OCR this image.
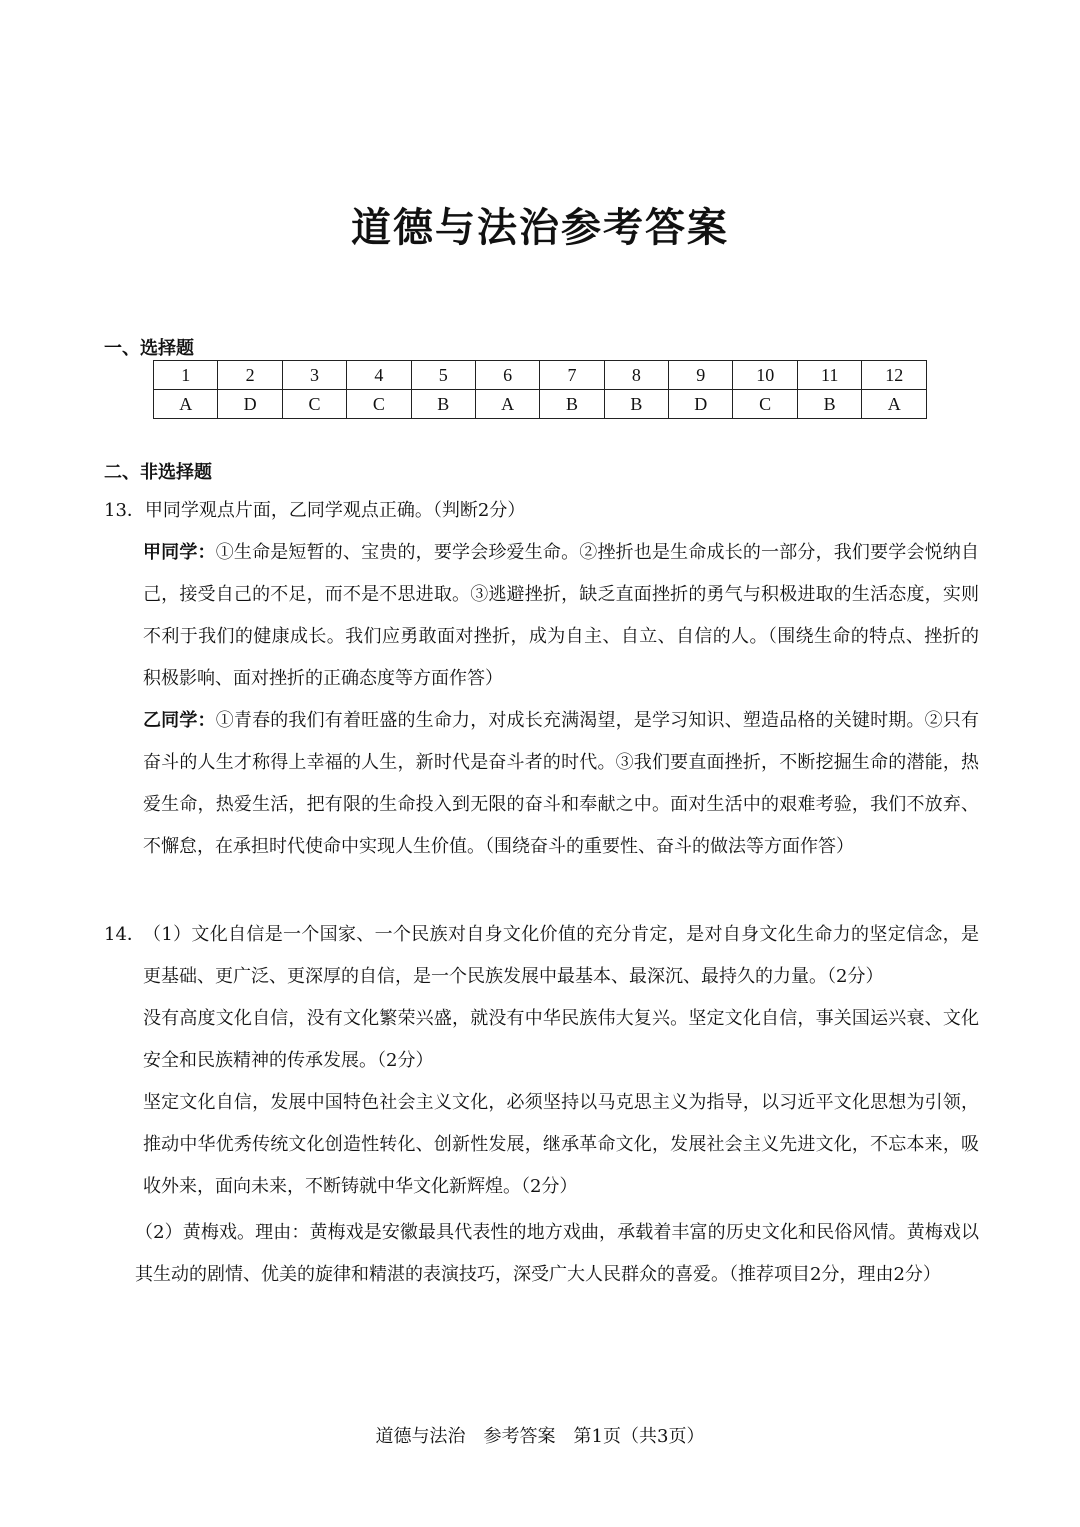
道德与法治参考答案
一、选择题
1	2	3	4	5	6	7	8	9	10	11	12
A	D	C	C	B	A	B	B	D	C	B	A
二、非选择题
13．甲同学观点片面，乙同学观点正确。（判断2分）
甲同学：①生命是短暂的、宝贵的，要学会珍爱生命。②挫折也是生命成长的一部分，我们要学会悦纳自己，接受自己的不足，而不是不思进取。③逃避挫折，缺乏直面挫折的勇气与积极进取的生活态度，实则不利于我们的健康成长。我们应勇敢面对挫折，成为自主、自立、自信的人。（围绕生命的特点、挫折的积极影响、面对挫折的正确态度等方面作答）
乙同学：①青春的我们有着旺盛的生命力，对成长充满渴望，是学习知识、塑造品格的关键时期。②只有奋斗的人生才称得上幸福的人生，新时代是奋斗者的时代。③我们要直面挫折，不断挖掘生命的潜能，热爱生命，热爱生活，把有限的生命投入到无限的奋斗和奉献之中。面对生活中的艰难考验，我们不放弃、不懈怠，在承担时代使命中实现人生价值。（围绕奋斗的重要性、奋斗的做法等方面作答）
14．
（1）文化自信是一个国家、一个民族对自身文化价值的充分肯定，是对自身文化生命力的坚定信念，是更基础、更广泛、更深厚的自信，是一个民族发展中最基本、最深沉、最持久的力量。（2分）
没有高度文化自信，没有文化繁荣兴盛，就没有中华民族伟大复兴。坚定文化自信，事关国运兴衰、文化安全和民族精神的传承发展。（2分）
坚定文化自信，发展中国特色社会主义文化，必须坚持以马克思主义为指导，以习近平文化思想为引领，推动中华优秀传统文化创造性转化、创新性发展，继承革命文化，发展社会主义先进文化，不忘本来，吸收外来，面向未来，不断铸就中华文化新辉煌。（2分）
（2）黄梅戏。理由：黄梅戏是安徽最具代表性的地方戏曲，承载着丰富的历史文化和民俗风情。黄梅戏以其生动的剧情、优美的旋律和精湛的表演技巧，深受广大人民群众的喜爱。（推荐项目2分，理由2分）
道德与法治　参考答案　第1页（共3页）
